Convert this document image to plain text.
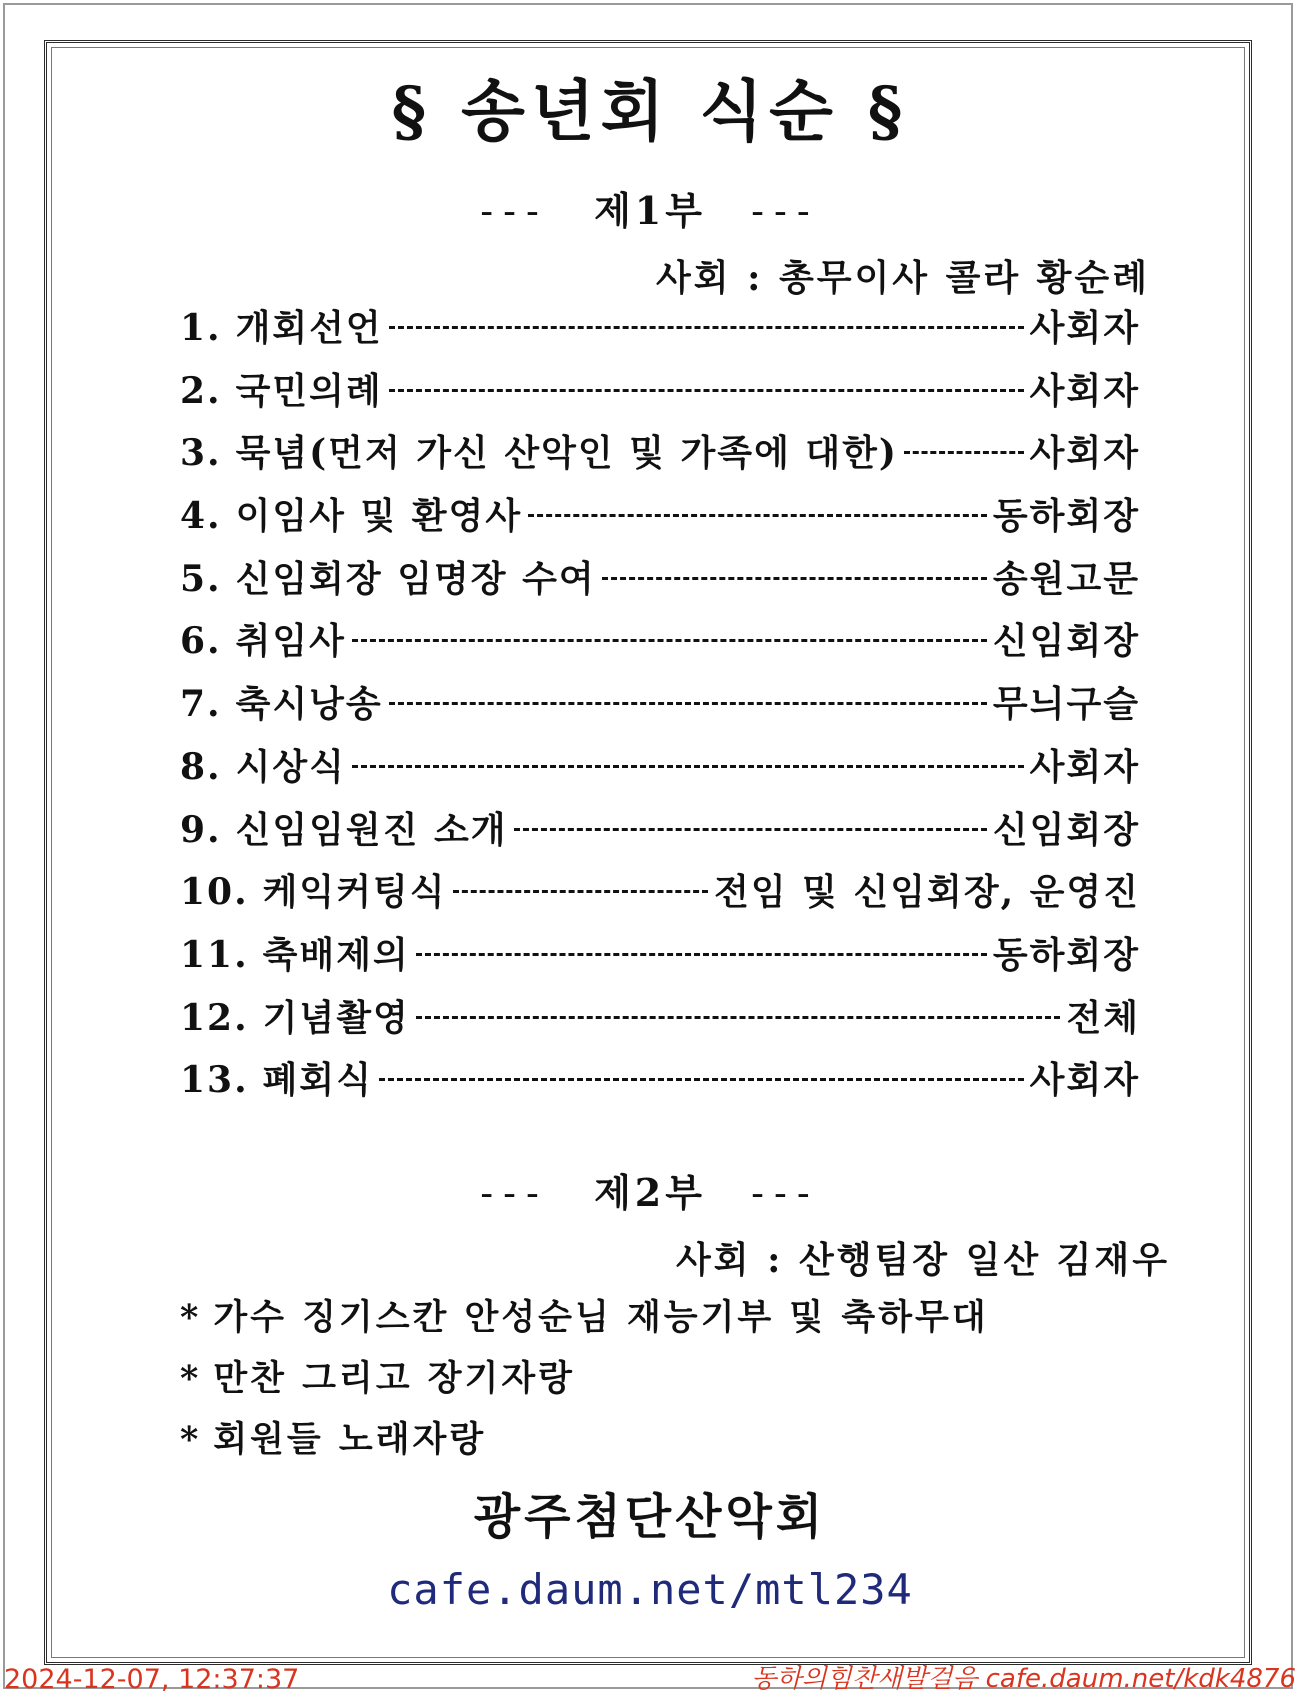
§ 송년회 식순 §
--- 제1부 ---
사회 : 총무이사 콜라 황순례
1. 개회선언	사회자
2. 국민의례	사회자
3. 묵념(먼저 가신 산악인 및 가족에 대한)	사회자
4. 이임사 및 환영사	동하회장
5. 신임회장 임명장 수여	송원고문
6. 취임사	신임회장
7. 축시낭송	무늬구슬
8. 시상식	사회자
9. 신임임원진 소개	신임회장
10. 케익커팅식	전임 및 신임회장, 운영진
11. 축배제의	동하회장
12. 기념촬영	전체
13. 폐회식	사회자
--- 제2부 ---
사회 : 산행팀장 일산 김재우
* 가수 징기스칸 안성순님 재능기부 및 축하무대
* 만찬 그리고 장기자랑
* 회원들 노래자랑
광주첨단산악회
cafe.daum.net/mtl234
2024-12-07, 12:37:37	동하의힘찬새발걸음 cafe.daum.net/kdk4876
